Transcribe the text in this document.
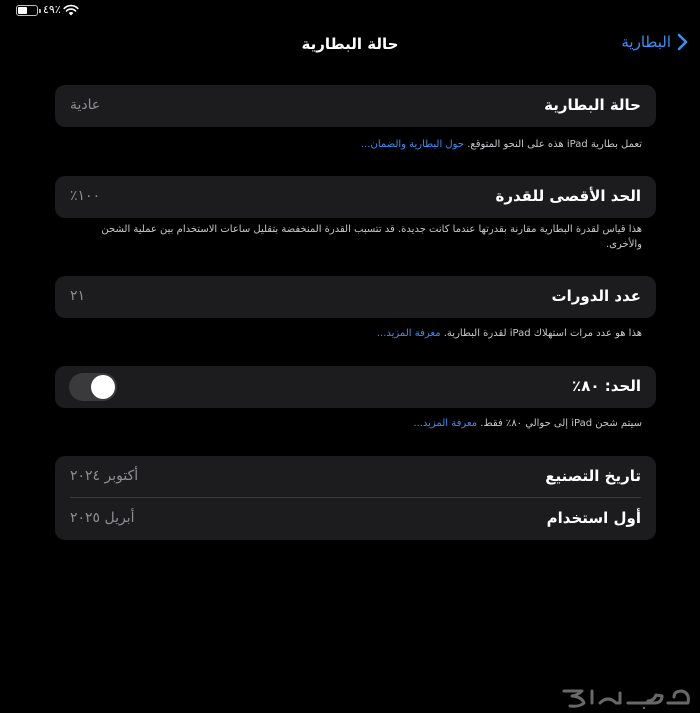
٤٩٪
حالة البطارية	البطارية
حالة البطارية
عادية
تعمل بطارية iPad هذه على النحو المتوقع. حول البطارية والضمان...
الحد الأقصى للقدرة
١٠٠٪
هذا قياس لقدرة البطارية مقارنة بقدرتها عندما كانت جديدة. قد تتسبب القدرة المنخفضة بتقليل ساعات الاستخدام بين عملية الشحن والأخرى.
عدد الدورات
٢١
هذا هو عدد مرات استهلاك iPad لقدرة البطارية. معرفة المزيد...
الحد: ٨٠٪
سيتم شحن iPad إلى حوالي ٨٠٪ فقط. معرفة المزيد...
تاريخ التصنيع
أكتوبر ٢٠٢٤
أول استخدام
أبريل ٢٠٢٥
